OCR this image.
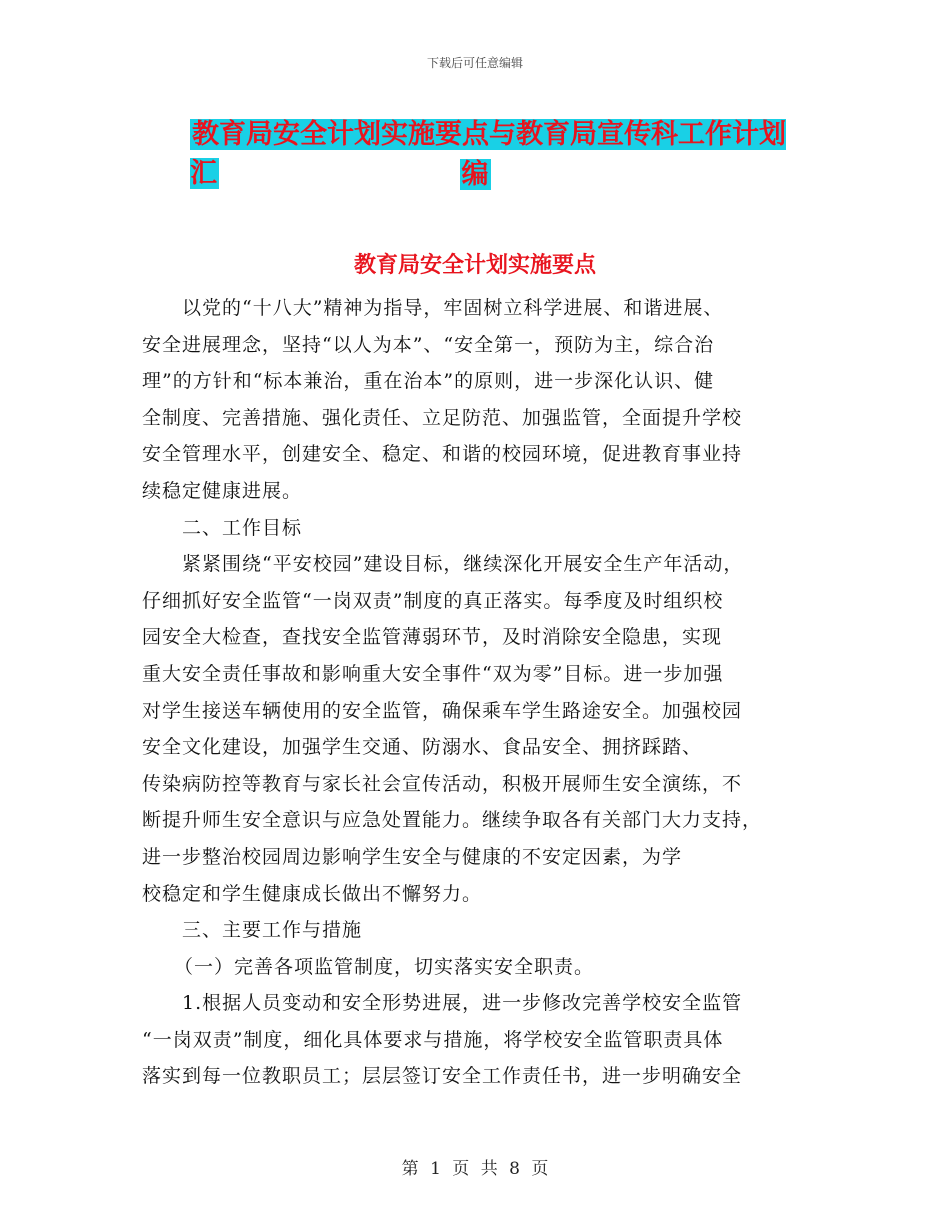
下载后可任意编辑
教育局安全计划实施要点与教育局宣传科工作计划汇	编
教育局安全计划实施要点
以党的“十八大”精神为指导，牢固树立科学进展、和谐进展、
安全进展理念，坚持“以人为本”、“安全第一，预防为主，综合治
理”的方针和“标本兼治，重在治本”的原则，进一步深化认识、健
全制度、完善措施、强化责任、立足防范、加强监管，全面提升学校
安全管理水平，创建安全、稳定、和谐的校园环境，促进教育事业持
续稳定健康进展。
二、工作目标
紧紧围绕“平安校园”建设目标，继续深化开展安全生产年活动，
仔细抓好安全监管“一岗双责”制度的真正落实。每季度及时组织校
园安全大检查，查找安全监管薄弱环节，及时消除安全隐患，实现
重大安全责任事故和影响重大安全事件“双为零”目标。进一步加强
对学生接送车辆使用的安全监管，确保乘车学生路途安全。加强校园
安全文化建设，加强学生交通、防溺水、食品安全、拥挤踩踏、
传染病防控等教育与家长社会宣传活动，积极开展师生安全演练，不
断提升师生安全意识与应急处置能力。继续争取各有关部门大力支持，
进一步整治校园周边影响学生安全与健康的不安定因素，为学
校稳定和学生健康成长做出不懈努力。
三、主要工作与措施
（一）完善各项监管制度，切实落实安全职责。
1.根据人员变动和安全形势进展，进一步修改完善学校安全监管
“一岗双责”制度，细化具体要求与措施，将学校安全监管职责具体
落实到每一位教职员工；层层签订安全工作责任书，进一步明确安全
第 1 页 共 8 页
